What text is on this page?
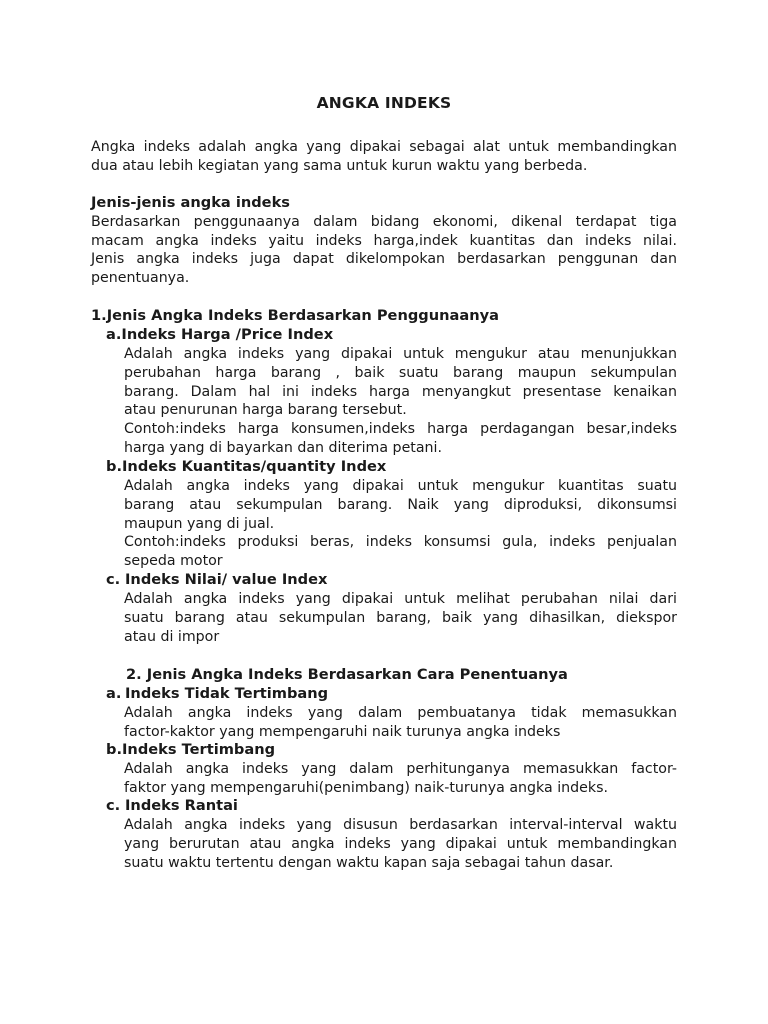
ANGKA INDEKS
Angka indeks adalah angka yang dipakai sebagai alat untuk membandingkan
dua atau lebih kegiatan yang sama untuk kurun waktu yang berbeda.
Jenis-jenis angka indeks
Berdasarkan penggunaanya dalam bidang ekonomi, dikenal terdapat tiga
macam angka indeks yaitu indeks harga,indek kuantitas dan indeks nilai.
Jenis angka indeks juga dapat dikelompokan berdasarkan penggunan dan
penentuanya.
1.Jenis Angka Indeks Berdasarkan Penggunaanya
a.Indeks Harga /Price Index
Adalah angka indeks yang dipakai untuk mengukur atau menunjukkan
perubahan harga barang , baik suatu barang maupun sekumpulan
barang. Dalam hal ini indeks harga menyangkut presentase kenaikan
atau penurunan harga barang tersebut.
Contoh:indeks harga konsumen,indeks harga perdagangan besar,indeks
harga yang di bayarkan dan diterima petani.
b.Indeks Kuantitas/quantity Index
Adalah angka indeks yang dipakai untuk mengukur kuantitas suatu
barang atau sekumpulan barang. Naik yang diproduksi, dikonsumsi
maupun yang di jual.
Contoh:indeks produksi beras, indeks konsumsi gula, indeks penjualan
sepeda motor
c. Indeks Nilai/ value Index
Adalah angka indeks yang dipakai untuk melihat perubahan nilai dari
suatu barang atau sekumpulan barang, baik yang dihasilkan, diekspor
atau di impor
2. Jenis Angka Indeks Berdasarkan Cara Penentuanya
a. Indeks Tidak Tertimbang
Adalah angka indeks yang dalam pembuatanya tidak memasukkan
factor-kaktor yang mempengaruhi naik turunya angka indeks
b.Indeks Tertimbang
Adalah angka indeks yang dalam perhitunganya memasukkan factor-
faktor yang mempengaruhi(penimbang) naik-turunya angka indeks.
c. Indeks Rantai
Adalah angka indeks yang disusun berdasarkan interval-interval waktu
yang berurutan atau angka indeks yang dipakai untuk membandingkan
suatu waktu tertentu dengan waktu kapan saja sebagai tahun dasar.
